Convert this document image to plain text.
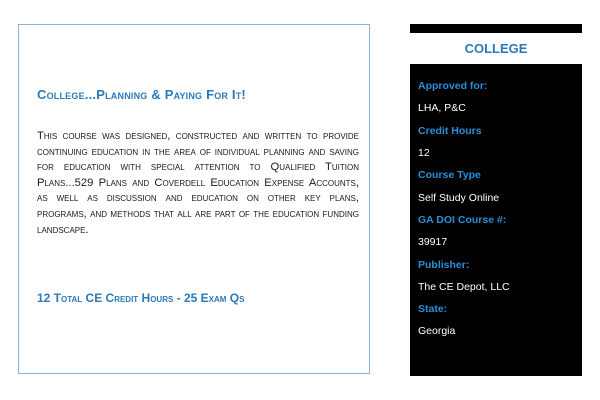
College...Planning & Paying For It!
This course was designed, constructed and written to provide continuing education in the area of individual planning and saving for education with special attention to Qualified Tuition Plans...529 Plans and Coverdell Education Expense Accounts, as well as discussion and education on other key plans, programs, and methods that all are part of the education funding landscape.
12 Total CE Credit Hours - 25 Exam Qs
COLLEGE
Approved for:
LHA, P&C
Credit Hours
12
Course Type
Self Study Online
GA DOI Course #:
39917
Publisher:
The CE Depot, LLC
State:
Georgia
